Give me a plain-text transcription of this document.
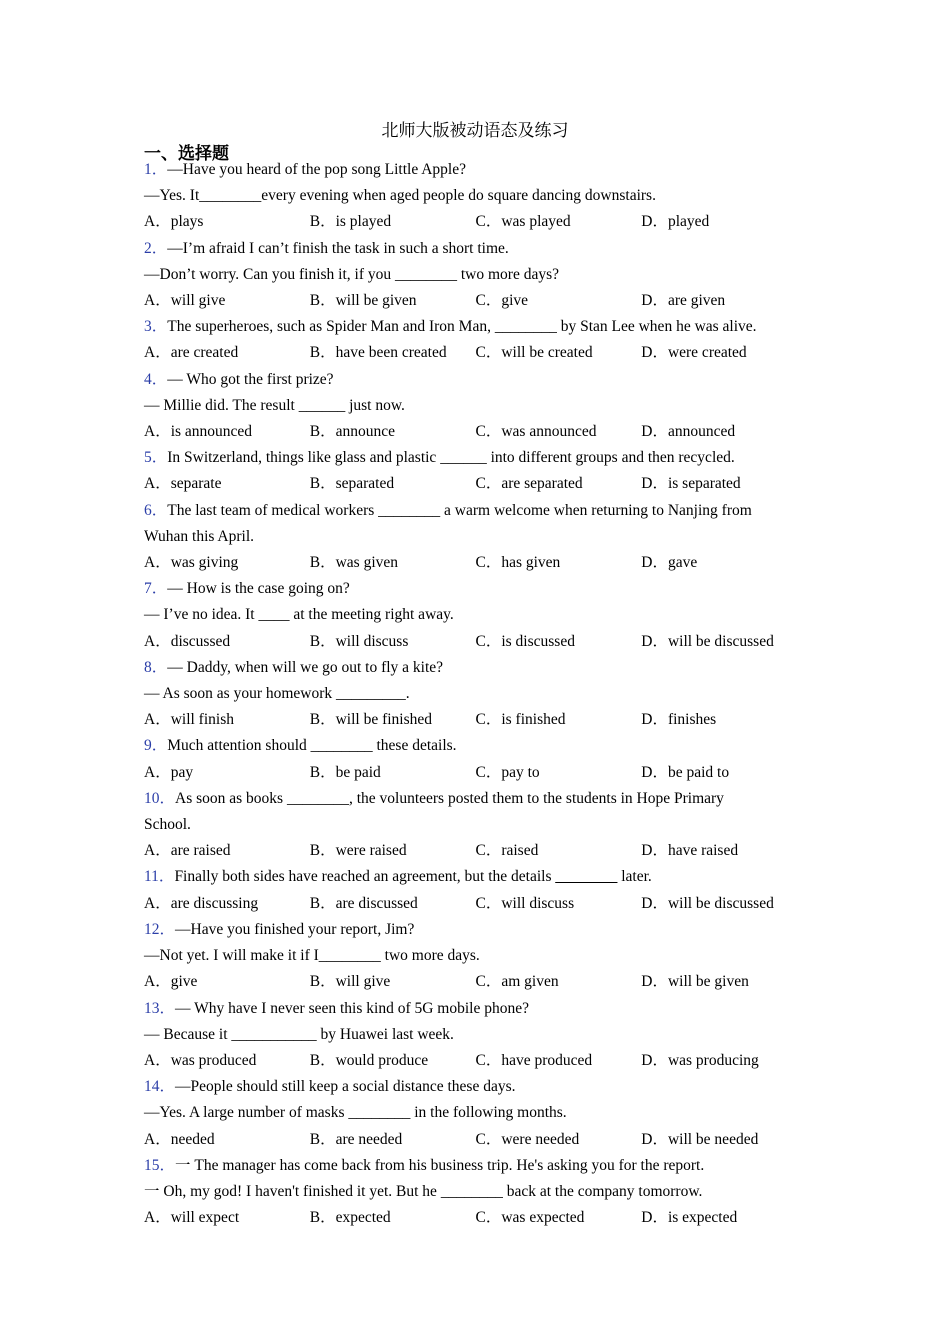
北师大版被动语态及练习
一、选择题
1．—Have you heard of the pop song Little Apple?
—Yes. It________every evening when aged people do square dancing downstairs.
A．plays	B．is played	C．was played	D．played
2．—I’m afraid I can’t finish the task in such a short time.
—Don’t worry. Can you finish it, if you ________ two more days?
A．will give	B．will be given	C．give	D．are given
3．The superheroes, such as Spider Man and Iron Man, ________ by Stan Lee when he was alive.
A．are created	B．have been created	C．will be created	D．were created
4．— Who got the first prize?
— Millie did. The result ______ just now.
A．is announced	B．announce	C．was announced	D．announced
5．In Switzerland, things like glass and plastic ______ into different groups and then recycled.
A．separate	B．separated	C．are separated	D．is separated
6．The last team of medical workers ________ a warm welcome when returning to Nanjing from
Wuhan this April.
A．was giving	B．was given	C．has given	D．gave
7．— How is the case going on?
— I’ve no idea. It ____ at the meeting right away.
A．discussed	B．will discuss	C．is discussed	D．will be discussed
8．— Daddy, when will we go out to fly a kite?
— As soon as your homework _________.
A．will finish	B．will be finished	C．is finished	D．finishes
9．Much attention should ________ these details.
A．pay	B．be paid	C．pay to	D．be paid to
10．As soon as books ________, the volunteers posted them to the students in Hope Primary
School.
A．are raised	B．were raised	C．raised	D．have raised
11．Finally both sides have reached an agreement, but the details ________ later.
A．are discussing	B．are discussed	C．will discuss	D．will be discussed
12．—Have you finished your report, Jim?
—Not yet. I will make it if I________ two more days.
A．give	B．will give	C．am given	D．will be given
13．— Why have I never seen this kind of 5G mobile phone?
— Because it ___________ by Huawei last week.
A．was produced	B．would produce	C．have produced	D．was producing
14．—People should still keep a social distance these days.
—Yes. A large number of masks ________ in the following months.
A．needed	B．are needed	C．were needed	D．will be needed
15．一 The manager has come back from his business trip. He's asking you for the report.
一 Oh, my god! I haven't finished it yet. But he ________ back at the company tomorrow.
A．will expect	B．expected	C．was expected	D．is expected
